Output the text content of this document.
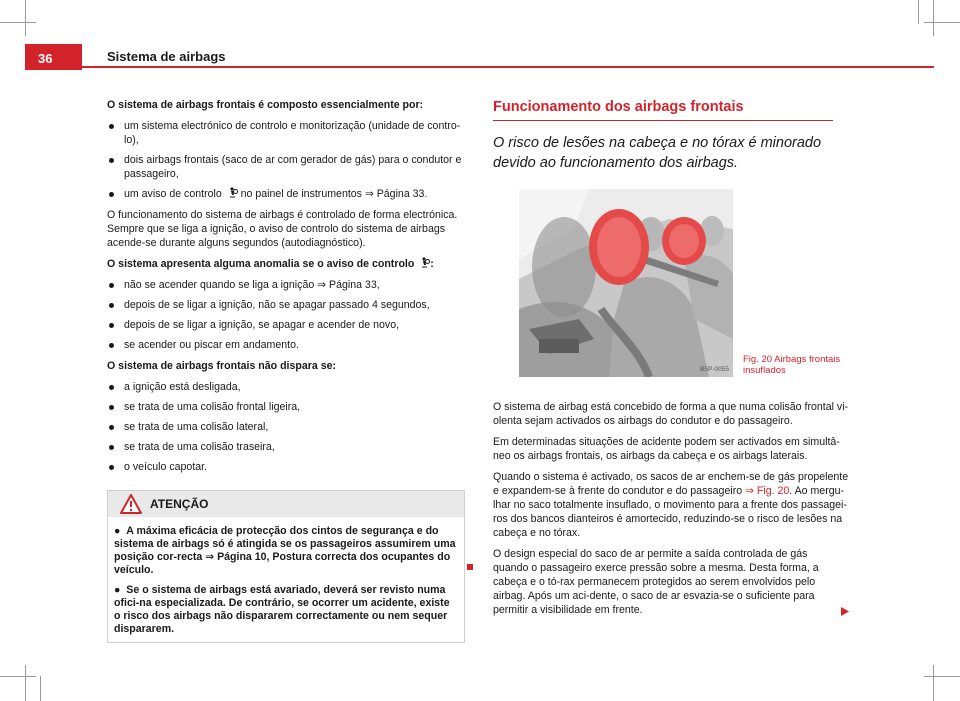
36	Sistema de airbags

O sistema de airbags frontais é composto essencialmente por:

um sistema electrónico de controlo e monitorização (unidade de contro-lo),
dois airbags frontais (saco de ar com gerador de gás) para o condutor e passageiro,
um aviso de controlo  no painel de instrumentos ⇒ Página 33.

O funcionamento do sistema de airbags é controlado de forma electrónica. Sempre que se liga a ignição, o aviso de controlo do sistema de airbags acende-se durante alguns segundos (autodiagnóstico).

O sistema apresenta alguma anomalia se o aviso de controlo :

não se acender quando se liga a ignição ⇒ Página 33,
depois de se ligar a ignição, não se apagar passado 4 segundos,
depois de se ligar a ignição, se apagar e acender de novo,
se acender ou piscar em andamento.

O sistema de airbags frontais não dispara se:

a ignição está desligada,
se trata de uma colisão frontal ligeira,
se trata de uma colisão lateral,
se trata de uma colisão traseira,
o veículo capotar.
ATENÇÃO

●  A máxima eficácia de protecção dos cintos de segurança e do sistema de airbags só é atingida se os passageiros assumirem uma posição cor-recta ⇒ Página 10, Postura correcta dos ocupantes do veículo.

●  Se o sistema de airbags está avariado, deverá ser revisto numa ofici-na especializada. De contrário, se ocorrer um acidente, existe o risco dos airbags não dispararem correctamente ou nem sequer dispararem.

Funcionamento dos airbags frontais
O risco de lesões na cabeça e no tórax é minorado devido ao funcionamento dos airbags.
B5P-0055
Fig. 20 Airbags frontais insuflados

O sistema de airbag está concebido de forma a que numa colisão frontal vi-olenta sejam activados os airbags do condutor e do passageiro.

Em determinadas situações de acidente podem ser activados em simultâ-neo os airbags frontais, os airbags da cabeça e os airbags laterais.

Quando o sistema é activado, os sacos de ar enchem-se de gás propelente e expandem-se à frente do condutor e do passageiro ⇒ Fig. 20. Ao mergu-lhar no saco totalmente insuflado, o movimento para a frente dos passagei-ros dos bancos dianteiros é amortecido, reduzindo-se o risco de lesões na cabeça e no tórax.

O design especial do saco de ar permite a saída controlada de gás quando o passageiro exerce pressão sobre a mesma. Desta forma, a cabeça e o tó-rax permanecem protegidos ao serem envolvidos pelo airbag. Após um aci-dente, o saco de ar esvazia-se o suficiente para permitir a visibilidade em frente.
